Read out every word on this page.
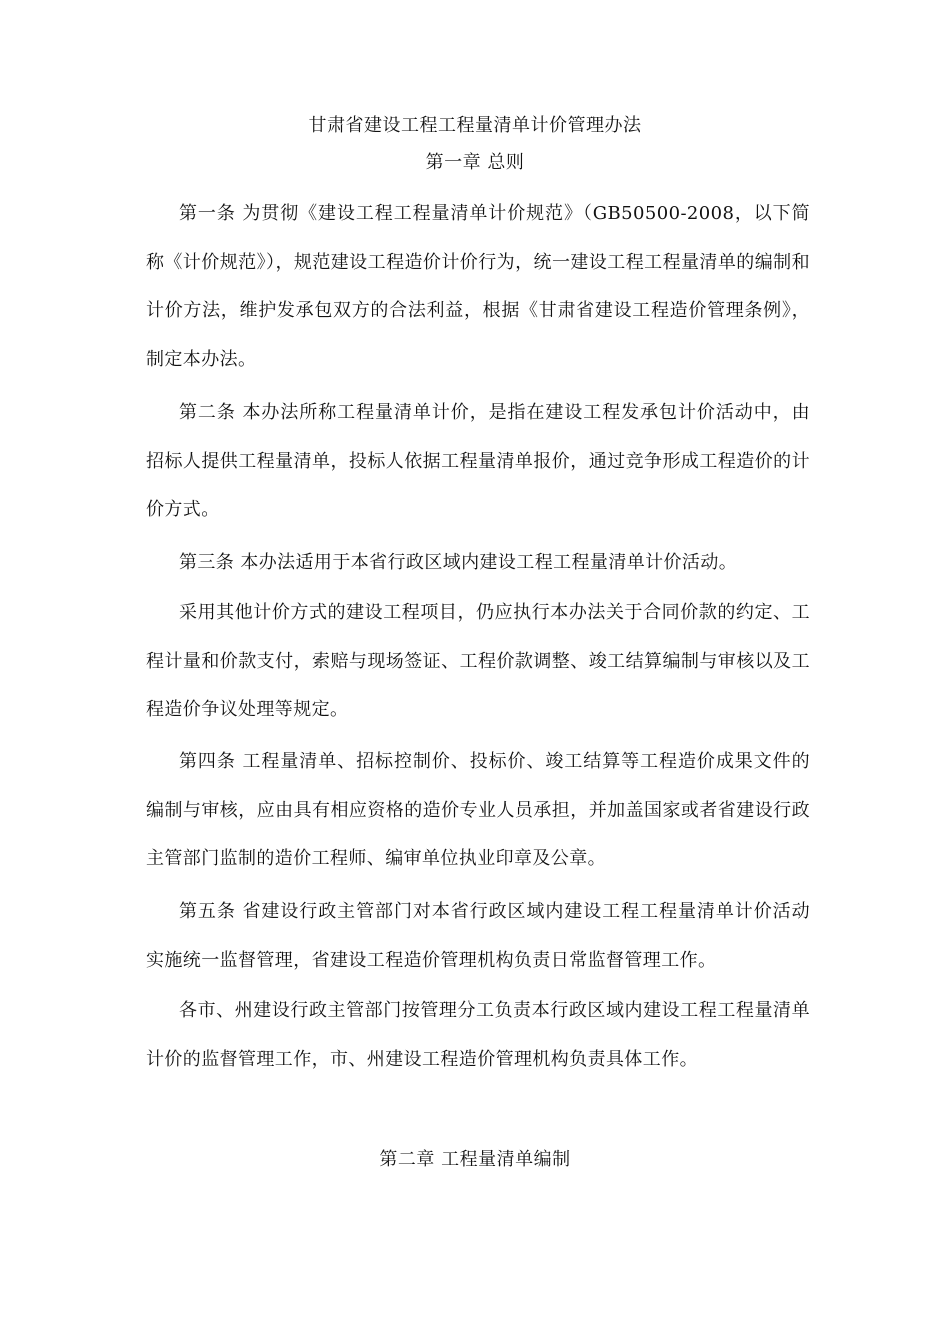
甘肃省建设工程工程量清单计价管理办法
第一章 总则

第一条 为贯彻《建设工程工程量清单计价规范》（GB50500-2008，以下简称《计价规范》），规范建设工程造价计价行为，统一建设工程工程量清单的编制和计价方法，维护发承包双方的合法利益，根据《甘肃省建设工程造价管理条例》，制定本办法。

第二条 本办法所称工程量清单计价，是指在建设工程发承包计价活动中，由招标人提供工程量清单，投标人依据工程量清单报价，通过竞争形成工程造价的计价方式。

第三条 本办法适用于本省行政区域内建设工程工程量清单计价活动。

采用其他计价方式的建设工程项目，仍应执行本办法关于合同价款的约定、工程计量和价款支付，索赔与现场签证、工程价款调整、竣工结算编制与审核以及工程造价争议处理等规定。

第四条 工程量清单、招标控制价、投标价、竣工结算等工程造价成果文件的编制与审核，应由具有相应资格的造价专业人员承担，并加盖国家或者省建设行政主管部门监制的造价工程师、编审单位执业印章及公章。

第五条 省建设行政主管部门对本省行政区域内建设工程工程量清单计价活动实施统一监督管理，省建设工程造价管理机构负责日常监督管理工作。

各市、州建设行政主管部门按管理分工负责本行政区域内建设工程工程量清单计价的监督管理工作，市、州建设工程造价管理机构负责具体工作。

第二章 工程量清单编制
